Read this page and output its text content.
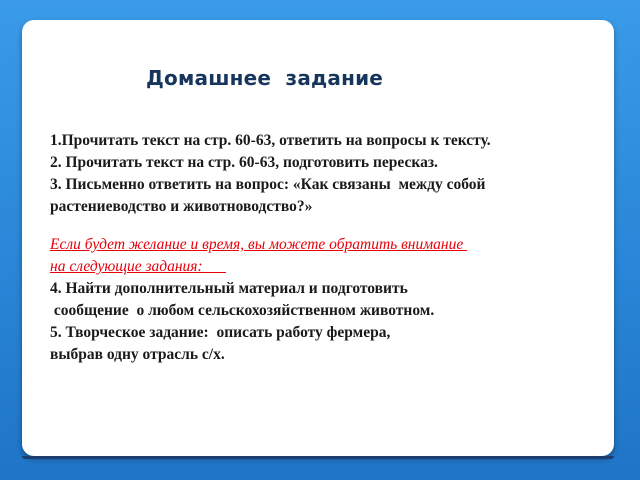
Домашнее  задание
1.Прочитать текст на стр. 60-63, ответить на вопросы к тексту.
2. Прочитать текст на стр. 60-63, подготовить пересказ.
3. Письменно ответить на вопрос: «Как связаны  между собой
растениеводство и животноводство?»
Если будет желание и время, вы можете обратить внимание
на следующие задания:
4. Найти дополнительный материал и подготовить
сообщение  о любом сельскохозяйственном животном.
5. Творческое задание:  описать работу фермера,
выбрав одну отрасль с/х.
